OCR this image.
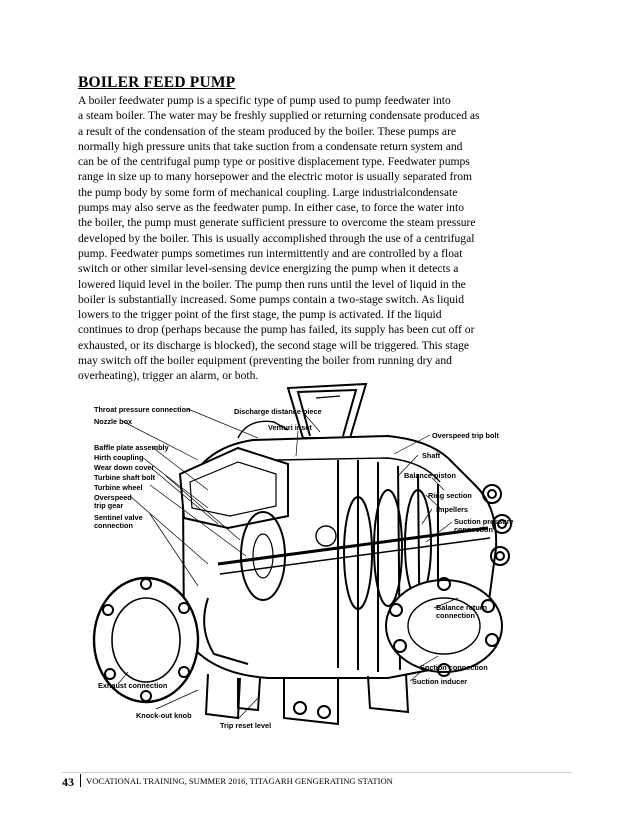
BOILER FEED PUMP

A boiler feedwater pump is a specific type of pump used to pump feedwater into
a steam boiler. The water may be freshly supplied or returning condensate produced as
a result of the condensation of the steam produced by the boiler. These pumps are
normally high pressure units that take suction from a condensate return system and
can be of the centrifugal pump type or positive displacement type. Feedwater pumps
range in size up to many horsepower and the electric motor is usually separated from
the pump body by some form of mechanical coupling. Large industrialcondensate
pumps may also serve as the feedwater pump. In either case, to force the water into
the boiler, the pump must generate sufficient pressure to overcome the steam pressure
developed by the boiler. This is usually accomplished through the use of a centrifugal
pump. Feedwater pumps sometimes run intermittently and are controlled by a float
switch or other similar level-sensing device energizing the pump when it detects a
lowered liquid level in the boiler. The pump then runs until the level of liquid in the
boiler is substantially increased. Some pumps contain a two-stage switch. As liquid
lowers to the trigger point of the first stage, the pump is activated. If the liquid
continues to drop (perhaps because the pump has failed, its supply has been cut off or
exhausted, or its discharge is blocked), the second stage will be triggered. This stage
may switch off the boiler equipment (preventing the boiler from running dry and
overheating), trigger an alarm, or both.

Throat pressure connection
Nozzle box
Baffle plate assembly
Hirth coupling
Wear down cover
Turbine shaft bolt
Turbine wheel
Overspeed
trip gear
Sentinel valve
connection
Discharge distance piece
Venturi inset
Overspeed trip bolt
Shaft
Balance piston
Ring section
Impellers
Suction pressure
connection
Balance return
connection
Suction connection
Suction inducer
Exhaust connection
Knock-out knob
Trip reset level
43 VOCATIONAL TRAINING, SUMMER 2016, TITAGARH GENGERATING STATION
